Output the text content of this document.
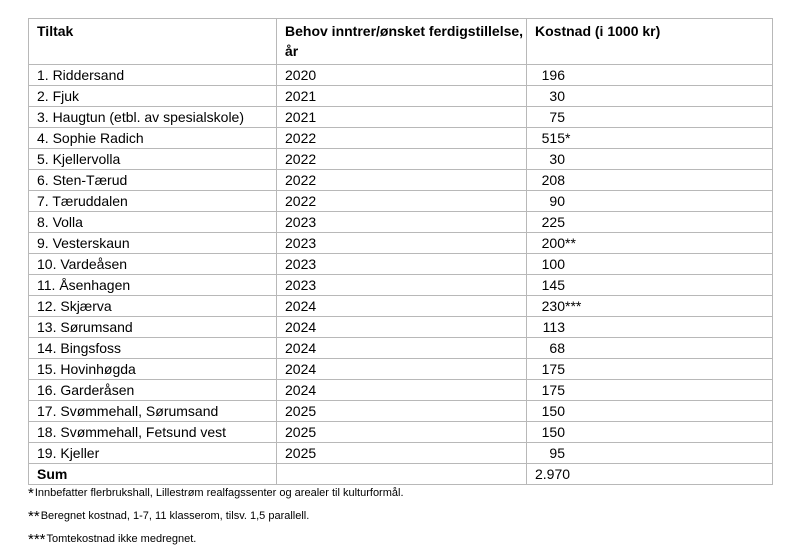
Tiltak	Behov inntrer/ønsket ferdigstillelse, år	Kostnad (i 1000 kr)
1. Riddersand	2020	196
2. Fjuk	2021	30
3. Haugtun (etbl. av spesialskole)	2021	75
4. Sophie Radich	2022	515*
5. Kjellervolla	2022	30
6. Sten-Tærud	2022	208
7. Tæruddalen	2022	90
8. Volla	2023	225
9. Vesterskaun	2023	200**
10. Vardeåsen	2023	100
11. Åsenhagen	2023	145
12. Skjærva	2024	230***
13. Sørumsand	2024	113
14. Bingsfoss	2024	68
15. Hovinhøgda	2024	175
16. Garderåsen	2024	175
17. Svømmehall, Sørumsand	2025	150
18. Svømmehall, Fetsund vest	2025	150
19. Kjeller	2025	95
Sum		2.970
*Innbefatter flerbrukshall, Lillestrøm realfagssenter og arealer til kulturformål.
**Beregnet kostnad, 1-7, 11 klasserom, tilsv. 1,5 parallell.
***Tomtekostnad ikke medregnet.
